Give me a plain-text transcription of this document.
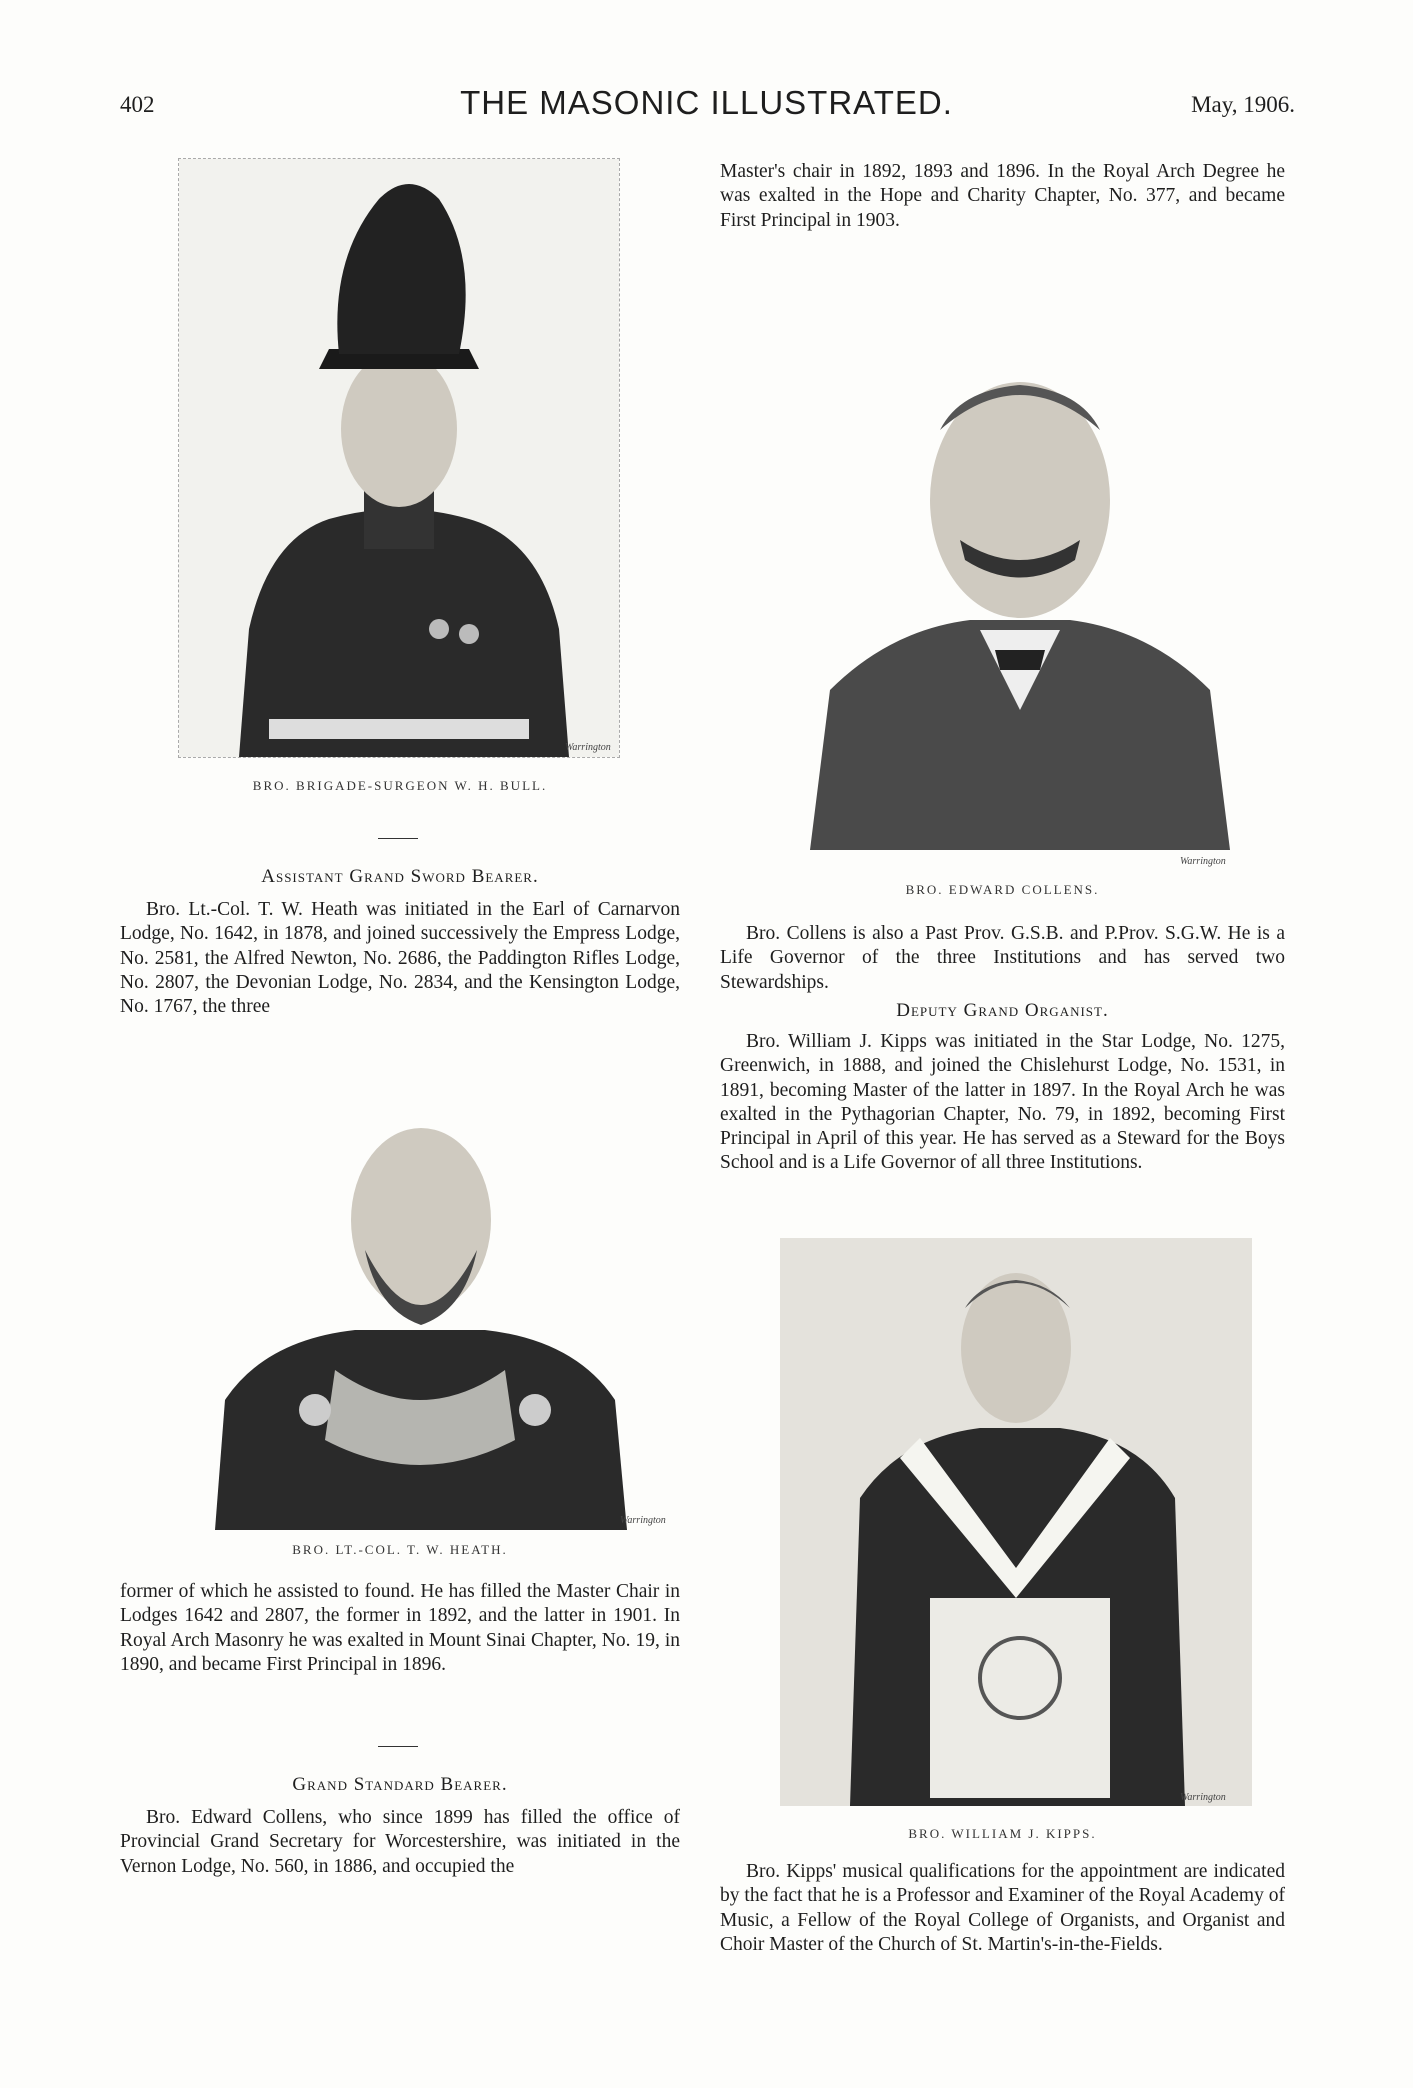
402	THE MASONIC ILLUSTRATED.	May, 1906.
Warrington
BRO. BRIGADE-SURGEON W. H. BULL.
Assistant Grand Sword Bearer.
Bro. Lt.-Col. T. W. Heath was initiated in the Earl of Carnarvon Lodge, No. 1642, in 1878, and joined successively the Empress Lodge, No. 2581, the Alfred Newton, No. 2686, the Paddington Rifles Lodge, No. 2807, the Devonian Lodge, No. 2834, and the Kensington Lodge, No. 1767, the three
Warrington
BRO. LT.-COL. T. W. HEATH.
former of which he assisted to found. He has filled the Master Chair in Lodges 1642 and 2807, the former in 1892, and the latter in 1901. In Royal Arch Masonry he was exalted in Mount Sinai Chapter, No. 19, in 1890, and became First Principal in 1896.
Grand Standard Bearer.
Bro. Edward Collens, who since 1899 has filled the office of Provincial Grand Secretary for Worcestershire, was initiated in the Vernon Lodge, No. 560, in 1886, and occupied the
Master's chair in 1892, 1893 and 1896. In the Royal Arch Degree he was exalted in the Hope and Charity Chapter, No. 377, and became First Principal in 1903.
Warrington
BRO. EDWARD COLLENS.
Bro. Collens is also a Past Prov. G.S.B. and P.Prov. S.G.W. He is a Life Governor of the three Institutions and has served two Stewardships.
Deputy Grand Organist.
Bro. William J. Kipps was initiated in the Star Lodge, No. 1275, Greenwich, in 1888, and joined the Chislehurst Lodge, No. 1531, in 1891, becoming Master of the latter in 1897. In the Royal Arch he was exalted in the Pythagorian Chapter, No. 79, in 1892, becoming First Principal in April of this year. He has served as a Steward for the Boys School and is a Life Governor of all three Institutions.
Warrington
BRO. WILLIAM J. KIPPS.
Bro. Kipps' musical qualifications for the appointment are indicated by the fact that he is a Professor and Examiner of the Royal Academy of Music, a Fellow of the Royal College of Organists, and Organist and Choir Master of the Church of St. Martin's-in-the-Fields.
